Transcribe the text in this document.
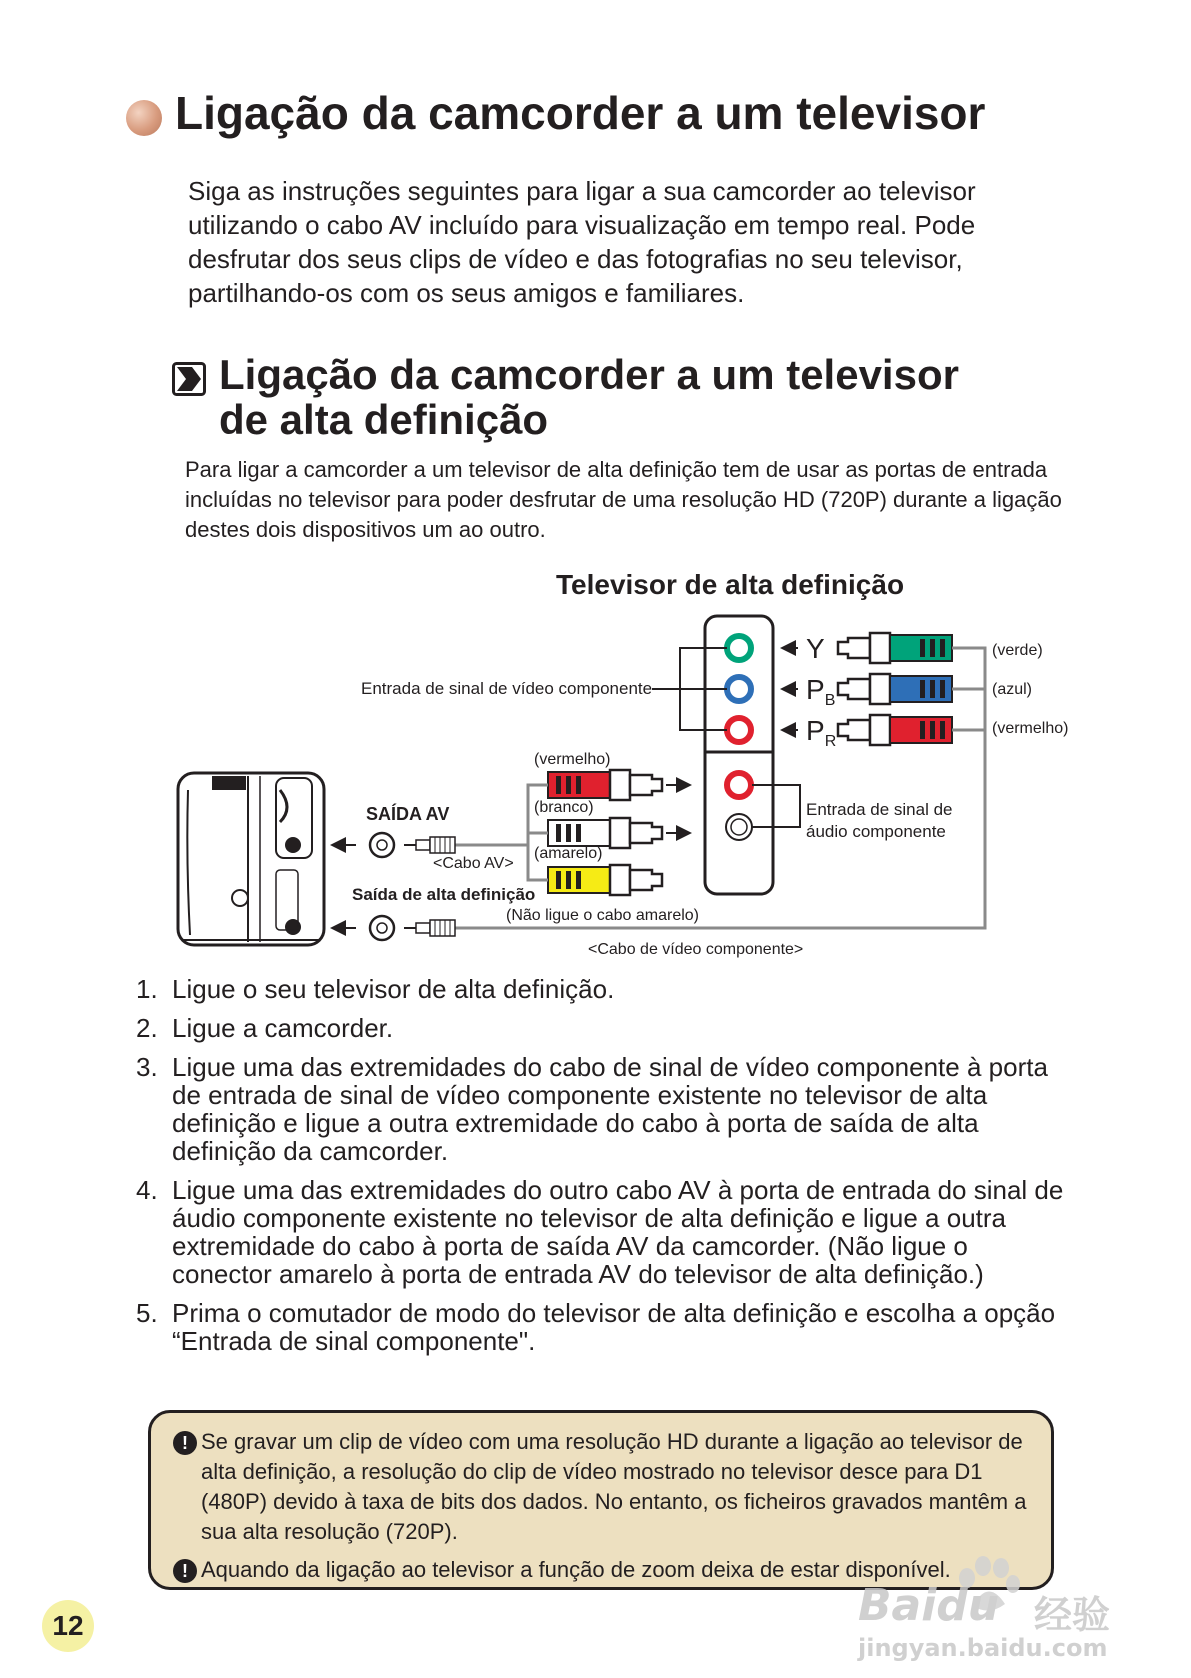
Ligação da camcorder a um televisor
Siga as instruções seguintes para ligar a sua camcorder ao televisor utilizando o cabo AV incluído para visualização em tempo real. Pode desfrutar dos seus clips de vídeo e das fotografias no seu televisor, partilhando-os com os seus amigos e familiares.
Ligação da camcorder a um televisor
de alta definição
Para ligar a camcorder a um televisor de alta definição tem de usar as portas de entrada incluídas no televisor para poder desfrutar de uma resolução HD (720P) durante a ligação destes dois dispositivos um ao outro.
Televisor de alta definição
Entrada de sinal de vídeo componente
Y
$P_B$
$P_R$
(verde)
(azul)
(vermelho)
(vermelho)
(branco)
(amarelo)
Entrada de sinal de
áudio componente
SAÍDA AV
<Cabo AV>
Saída de alta definição
(Não ligue o cabo amarelo)
<Cabo de vídeo componente>
1. Ligue o seu televisor de alta definição.
2. Ligue a camcorder.
3. Ligue uma das extremidades do cabo de sinal de vídeo componente à porta de entrada de sinal de vídeo componente existente no televisor de alta definição e ligue a outra extremidade do cabo à porta de saída de alta definição da camcorder.
4. Ligue uma das extremidades do outro cabo AV à porta de entrada do sinal de áudio componente existente no televisor de alta definição e ligue a outra extremidade do cabo à porta de saída AV da camcorder. (Não ligue o conector amarelo à porta de entrada AV do televisor de alta definição.)
5. Prima o comutador de modo do televisor de alta definição e escolha a opção “Entrada de sinal componente".
! Se gravar um clip de vídeo com uma resolução HD durante a ligação ao televisor de alta definição, a resolução do clip de vídeo mostrado no televisor desce para D1 (480P) devido à taxa de bits dos dados. No entanto, os ficheiros gravados mantêm a sua alta resolução (720P).
! Aquando da ligação ao televisor a função de zoom deixa de estar disponível.
12	Baidu 经验
jingyan.baidu.com
